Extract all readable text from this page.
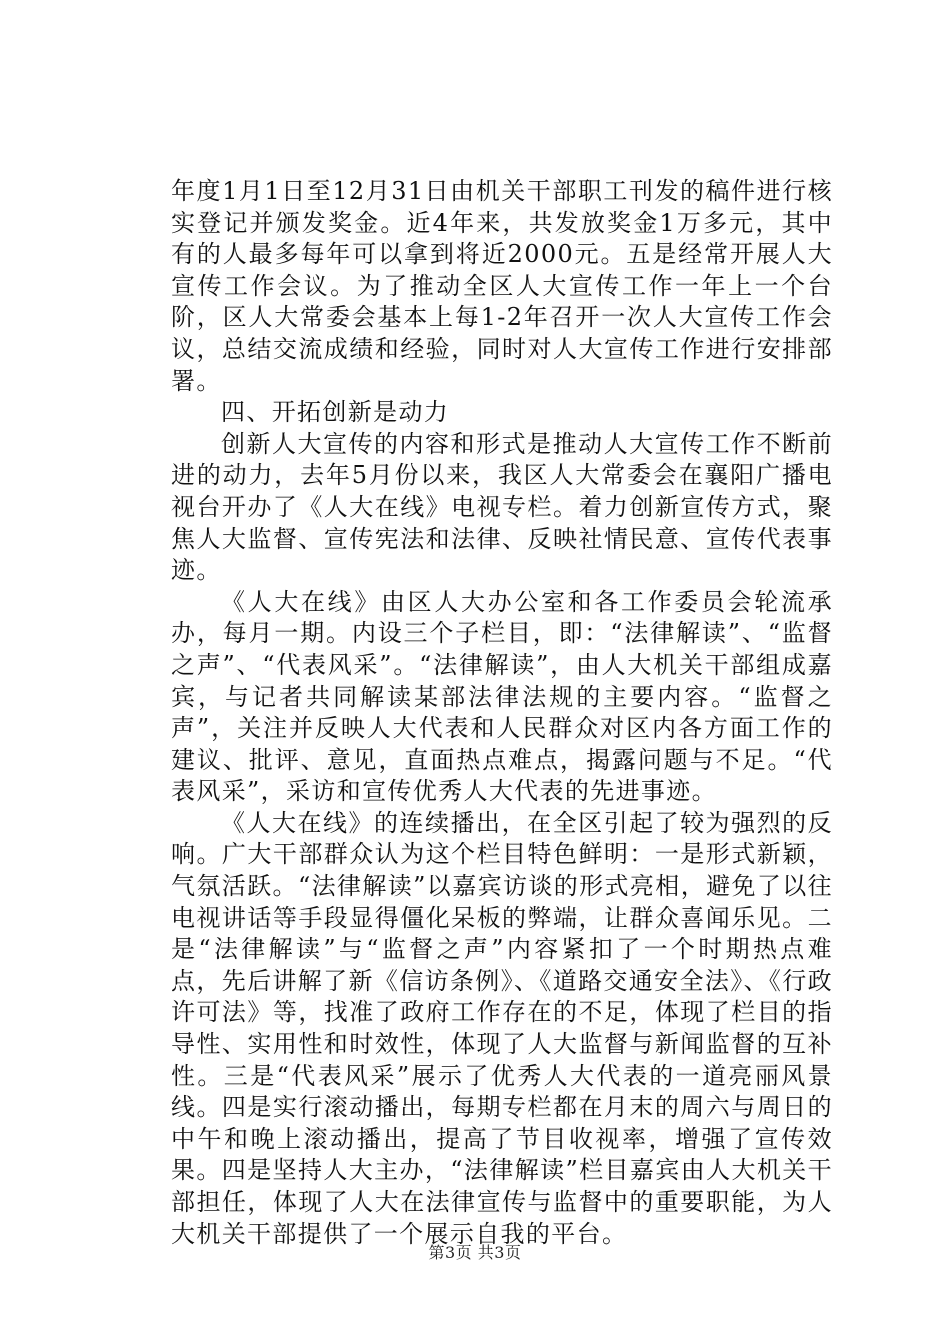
年度1月1日至12月31日由机关干部职工刊发的稿件进行核实登记并颁发奖金。近4年来，共发放奖金1万多元，其中有的人最多每年可以拿到将近2000元。五是经常开展人大宣传工作会议。为了推动全区人大宣传工作一年上一个台阶，区人大常委会基本上每1-2年召开一次人大宣传工作会议，总结交流成绩和经验，同时对人大宣传工作进行安排部署。

四、开拓创新是动力

创新人大宣传的内容和形式是推动人大宣传工作不断前进的动力，去年5月份以来，我区人大常委会在襄阳广播电视台开办了《人大在线》电视专栏。着力创新宣传方式，聚焦人大监督、宣传宪法和法律、反映社情民意、宣传代表事迹。

《人大在线》由区人大办公室和各工作委员会轮流承办，每月一期。内设三个子栏目，即：“法律解读”、“监督之声”、“代表风采”。“法律解读”，由人大机关干部组成嘉宾，与记者共同解读某部法律法规的主要内容。“监督之声”，关注并反映人大代表和人民群众对区内各方面工作的建议、批评、意见，直面热点难点，揭露问题与不足。“代表风采”，采访和宣传优秀人大代表的先进事迹。

《人大在线》的连续播出，在全区引起了较为强烈的反响。广大干部群众认为这个栏目特色鲜明：一是形式新颖，气氛活跃。“法律解读”以嘉宾访谈的形式亮相，避免了以往电视讲话等手段显得僵化呆板的弊端，让群众喜闻乐见。二是“法律解读”与“监督之声”内容紧扣了一个时期热点难点，先后讲解了新《信访条例》、《道路交通安全法》、《行政许可法》等，找准了政府工作存在的不足，体现了栏目的指导性、实用性和时效性，体现了人大监督与新闻监督的互补性。三是“代表风采”展示了优秀人大代表的一道亮丽风景线。四是实行滚动播出，每期专栏都在月末的周六与周日的中午和晚上滚动播出，提高了节目收视率，增强了宣传效果。四是坚持人大主办，“法律解读”栏目嘉宾由人大机关干部担任，体现了人大在法律宣传与监督中的重要职能，为人大机关干部提供了一个展示自我的平台。

第3页 共3页
